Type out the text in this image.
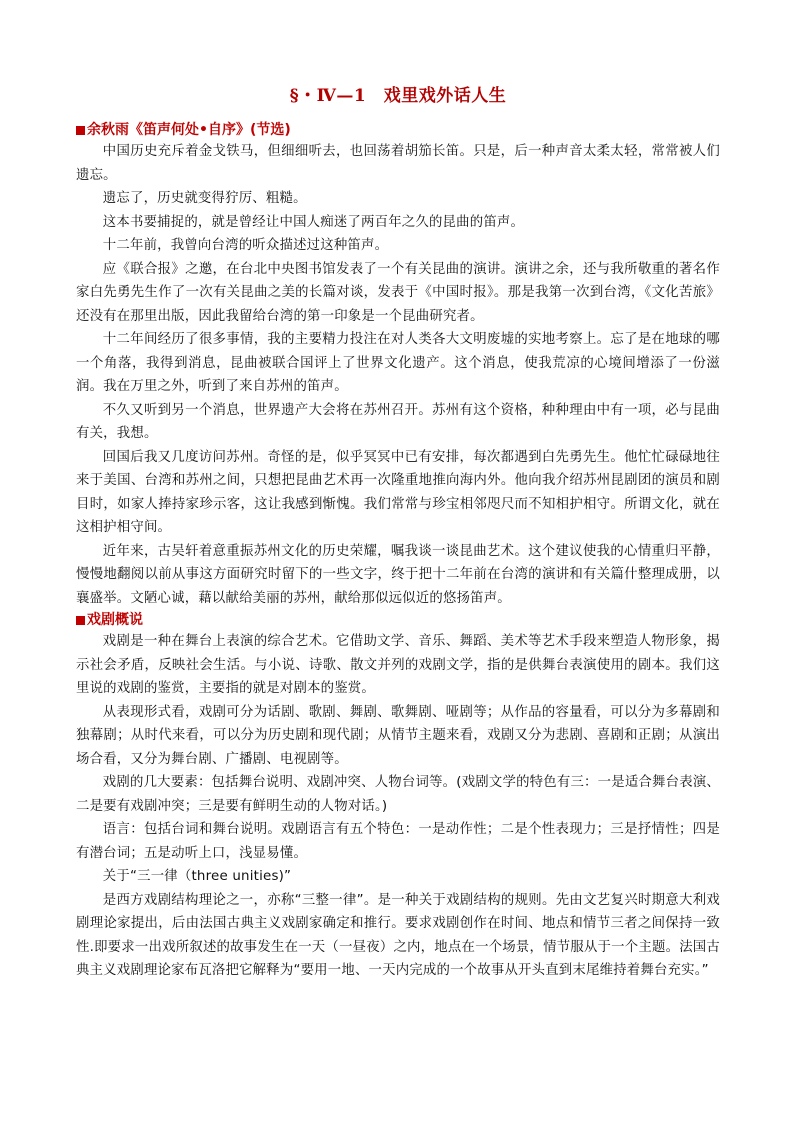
§・Ⅳ—1　戏里戏外话人生
余秋雨《笛声何处•自序》(节选)

中国历史充斥着金戈铁马，但细细听去，也回荡着胡笳长笛。只是，后一种声音太柔太轻，常常被人们遗忘。

遗忘了，历史就变得狞厉、粗糙。

这本书要捕捉的，就是曾经让中国人痴迷了两百年之久的昆曲的笛声。

十二年前，我曾向台湾的听众描述过这种笛声。

应《联合报》之邀，在台北中央图书馆发表了一个有关昆曲的演讲。演讲之余，还与我所敬重的著名作家白先勇先生作了一次有关昆曲之美的长篇对谈，发表于《中国时报》。那是我第一次到台湾，《文化苦旅》还没有在那里出版，因此我留给台湾的第一印象是一个昆曲研究者。

十二年间经历了很多事情，我的主要精力投注在对人类各大文明废墟的实地考察上。忘了是在地球的哪一个角落，我得到消息，昆曲被联合国评上了世界文化遗产。这个消息，使我荒凉的心境间增添了一份滋润。我在万里之外，听到了来自苏州的笛声。

不久又听到另一个消息，世界遗产大会将在苏州召开。苏州有这个资格，种种理由中有一项，必与昆曲有关，我想。

回国后我又几度访问苏州。奇怪的是，似乎冥冥中已有安排，每次都遇到白先勇先生。他忙忙碌碌地往来于美国、台湾和苏州之间，只想把昆曲艺术再一次隆重地推向海内外。他向我介绍苏州昆剧团的演员和剧目时，如家人捧持家珍示客，这让我感到惭愧。我们常常与珍宝相邻咫尺而不知相护相守。所谓文化，就在这相护相守间。

近年来，古吴轩着意重振苏州文化的历史荣耀，嘱我谈一谈昆曲艺术。这个建议使我的心情重归平静，慢慢地翻阅以前从事这方面研究时留下的一些文字，终于把十二年前在台湾的演讲和有关篇什整理成册，以襄盛举。文陋心诚，藉以献给美丽的苏州，献给那似远似近的悠扬笛声。

戏剧概说

戏剧是一种在舞台上表演的综合艺术。它借助文学、音乐、舞蹈、美术等艺术手段来塑造人物形象，揭示社会矛盾，反映社会生活。与小说、诗歌、散文并列的戏剧文学，指的是供舞台表演使用的剧本。我们这里说的戏剧的鉴赏，主要指的就是对剧本的鉴赏。

从表现形式看，戏剧可分为话剧、歌剧、舞剧、歌舞剧、哑剧等；从作品的容量看，可以分为多幕剧和独幕剧；从时代来看，可以分为历史剧和现代剧；从情节主题来看，戏剧又分为悲剧、喜剧和正剧；从演出场合看，又分为舞台剧、广播剧、电视剧等。

戏剧的几大要素：包括舞台说明、戏剧冲突、人物台词等。(戏剧文学的特色有三：一是适合舞台表演、二是要有戏剧冲突；三是要有鲜明生动的人物对话。)

语言：包括台词和舞台说明。戏剧语言有五个特色：一是动作性；二是个性表现力；三是抒情性；四是有潜台词；五是动听上口，浅显易懂。

关于“三一律（three unities)”

是西方戏剧结构理论之一，亦称“三整一律”。是一种关于戏剧结构的规则。先由文艺复兴时期意大利戏剧理论家提出，后由法国古典主义戏剧家确定和推行。要求戏剧创作在时间、地点和情节三者之间保持一致性.即要求一出戏所叙述的故事发生在一天（一昼夜）之内，地点在一个场景，情节服从于一个主题。法国古典主义戏剧理论家布瓦洛把它解释为“要用一地、一天内完成的一个故事从开头直到末尾维持着舞台充实。”
